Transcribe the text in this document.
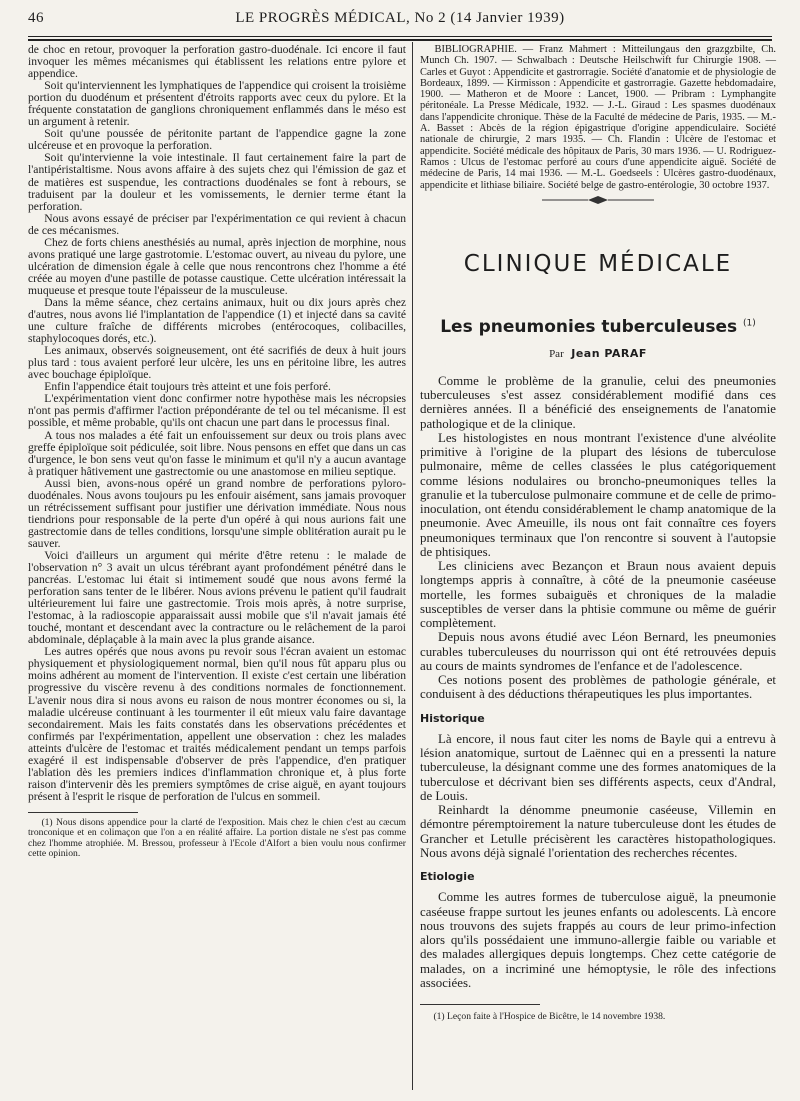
46	LE PROGRÈS MÉDICAL, No 2 (14 Janvier 1939)

de choc en retour, provoquer la perforation gastro-duodénale. Ici encore il faut invoquer les mêmes mécanismes qui établissent les relations entre pylore et appendice.

Soit qu'interviennent les lymphatiques de l'appendice qui croisent la troisième portion du duodénum et présentent d'étroits rapports avec ceux du pylore. Et la fréquente constatation de ganglions chroniquement enflammés dans le méso est un argument à retenir.

Soit qu'une poussée de péritonite partant de l'appendice gagne la zone ulcéreuse et en provoque la perforation.

Soit qu'intervienne la voie intestinale. Il faut certainement faire la part de l'antipéristaltisme. Nous avons affaire à des sujets chez qui l'émission de gaz et de matières est suspendue, les contractions duodénales se font à rebours, se traduisent par la douleur et les vomissements, le dernier terme étant la perforation.

Nous avons essayé de préciser par l'expérimentation ce qui revient à chacun de ces mécanismes.

Chez de forts chiens anesthésiés au numal, après injection de morphine, nous avons pratiqué une large gastrotomie. L'estomac ouvert, au niveau du pylore, une ulcération de dimension égale à celle que nous rencontrons chez l'homme a été créée au moyen d'une pastille de potasse caustique. Cette ulcération intéressait la muqueuse et presque toute l'épaisseur de la musculeuse.

Dans la même séance, chez certains animaux, huit ou dix jours après chez d'autres, nous avons lié l'implantation de l'appendice (1) et injecté dans sa cavité une culture fraîche de différents microbes (entérocoques, colibacilles, staphylocoques dorés, etc.).

Les animaux, observés soigneusement, ont été sacrifiés de deux à huit jours plus tard : tous avaient perforé leur ulcère, les uns en péritoine libre, les autres avec bouchage épiploïque.

Enfin l'appendice était toujours très atteint et une fois perforé.

L'expérimentation vient donc confirmer notre hypothèse mais les nécropsies n'ont pas permis d'affirmer l'action prépondérante de tel ou tel mécanisme. Il est possible, et même probable, qu'ils ont chacun une part dans le processus final.

A tous nos malades a été fait un enfouissement sur deux ou trois plans avec greffe épiploïque soit pédiculée, soit libre. Nous pensons en effet que dans un cas d'urgence, le bon sens veut qu'on fasse le minimum et qu'il n'y a aucun avantage à pratiquer hâtivement une gastrectomie ou une anastomose en milieu septique.

Aussi bien, avons-nous opéré un grand nombre de perforations pyloro-duodénales. Nous avons toujours pu les enfouir aisément, sans jamais provoquer un rétrécissement suffisant pour justifier une dérivation immédiate. Nous nous tiendrions pour responsable de la perte d'un opéré à qui nous aurions fait une gastrectomie dans de telles conditions, lorsqu'une simple oblitération aurait pu le sauver.

Voici d'ailleurs un argument qui mérite d'être retenu : le malade de l'observation n° 3 avait un ulcus térébrant ayant profondément pénétré dans le pancréas. L'estomac lui était si intimement soudé que nous avons fermé la perforation sans tenter de le libérer. Nous avions prévenu le patient qu'il faudrait ultérieurement lui faire une gastrectomie. Trois mois après, à notre surprise, l'estomac, à la radioscopie apparaissait aussi mobile que s'il n'avait jamais été touché, montant et descendant avec la contracture ou le relâchement de la paroi abdominale, déplaçable à la main avec la plus grande aisance.

Les autres opérés que nous avons pu revoir sous l'écran avaient un estomac physiquement et physiologiquement normal, bien qu'il nous fût apparu plus ou moins adhérent au moment de l'intervention. Il existe c'est certain une libération progressive du viscère revenu à des conditions normales de fonctionnement. L'avenir nous dira si nous avons eu raison de nous montrer économes ou si, la maladie ulcéreuse continuant à les tourmenter il eût mieux valu faire davantage secondairement. Mais les faits constatés dans les observations précédentes et confirmés par l'expérimentation, appellent une observation : chez les malades atteints d'ulcère de l'estomac et traités médicalement pendant un temps parfois exagéré il est indispensable d'observer de près l'appendice, d'en pratiquer l'ablation dès les premiers indices d'inflammation chronique et, à plus forte raison d'intervenir dès les premiers symptômes de crise aiguë, en ayant toujours présent à l'esprit le risque de perforation de l'ulcus en sommeil.

(1) Nous disons appendice pour la clarté de l'exposition. Mais chez le chien c'est au cæcum tronconique et en colimaçon que l'on a en réalité affaire. La portion distale ne s'est pas comme chez l'homme atrophiée. M. Bressou, professeur à l'Ecole d'Alfort a bien voulu nous confirmer cette opinion.

BIBLIOGRAPHIE. — Franz Mahmert : Mitteilungaus den grazgzbilte, Ch. Munch Ch. 1907. — Schwalbach : Deutsche Heilschwift fur Chirurgie 1908. — Carles et Guyot : Appendicite et gastrorragie. Société d'anatomie et de physiologie de Bordeaux, 1899. — Kirmisson : Appendicite et gastrorragie. Gazette hebdomadaire, 1900. — Matheron et de Moore : Lancet, 1900. — Pribram : Lymphangite péritonéale. La Presse Médicale, 1932. — J.-L. Giraud : Les spasmes duodénaux dans l'appendicite chronique. Thèse de la Faculté de médecine de Paris, 1935. — M.-A. Basset : Abcès de la région épigastrique d'origine appendiculaire. Société nationale de chirurgie, 2 mars 1935. — Ch. Flandin : Ulcère de l'estomac et appendicite. Société médicale des hôpitaux de Paris, 30 mars 1936. — U. Rodriguez-Ramos : Ulcus de l'estomac perforé au cours d'une appendicite aiguë. Société de médecine de Paris, 14 mai 1936. — M.-L. Goedseels : Ulcères gastro-duodénaux, appendicite et lithiase biliaire. Société belge de gastro-entérologie, 30 octobre 1937.

CLINIQUE MÉDICALE
Les pneumonies tuberculeuses $^{(1)}$
Par Jean PARAF

Comme le problème de la granulie, celui des pneumonies tuberculeuses s'est assez considérablement modifié dans ces dernières années. Il a bénéficié des enseignements de l'anatomie pathologique et de la clinique.

Les histologistes en nous montrant l'existence d'une alvéolite primitive à l'origine de la plupart des lésions de tuberculose pulmonaire, même de celles classées le plus catégoriquement comme lésions nodulaires ou broncho-pneumoniques telles la granulie et la tuberculose pulmonaire commune et de celle de primo-inoculation, ont étendu considérablement le champ anatomique de la pneumonie. Avec Ameuille, ils nous ont fait connaître ces foyers pneumoniques terminaux que l'on rencontre si souvent à l'autopsie de phtisiques.

Les cliniciens avec Bezançon et Braun nous avaient depuis longtemps appris à connaître, à côté de la pneumonie caséeuse mortelle, les formes subaiguës et chroniques de la maladie susceptibles de verser dans la phtisie commune ou même de guérir complètement.

Depuis nous avons étudié avec Léon Bernard, les pneumonies curables tuberculeuses du nourrisson qui ont été retrouvées depuis au cours de maints syndromes de l'enfance et de l'adolescence.

Ces notions posent des problèmes de pathologie générale, et conduisent à des déductions thérapeutiques les plus importantes.

Historique

Là encore, il nous faut citer les noms de Bayle qui a entrevu à lésion anatomique, surtout de Laënnec qui en a pressenti la nature tuberculeuse, la désignant comme une des formes anatomiques de la tuberculose et décrivant bien ses différents aspects, ceux d'Andral, de Louis.

Reinhardt la dénomme pneumonie caséeuse, Villemin en démontre péremptoirement la nature tuberculeuse dont les études de Grancher et Letulle précisèrent les caractères histopathologiques. Nous avons déjà signalé l'orientation des recherches récentes.

Etiologie

Comme les autres formes de tuberculose aiguë, la pneumonie caséeuse frappe surtout les jeunes enfants ou adolescents. Là encore nous trouvons des sujets frappés au cours de leur primo-infection alors qu'ils possédaient une immuno-allergie faible ou variable et des malades allergiques depuis longtemps. Chez cette catégorie de malades, on a incriminé une hémoptysie, le rôle des infections associées.

(1) Leçon faite à l'Hospice de Bicêtre, le 14 novembre 1938.
